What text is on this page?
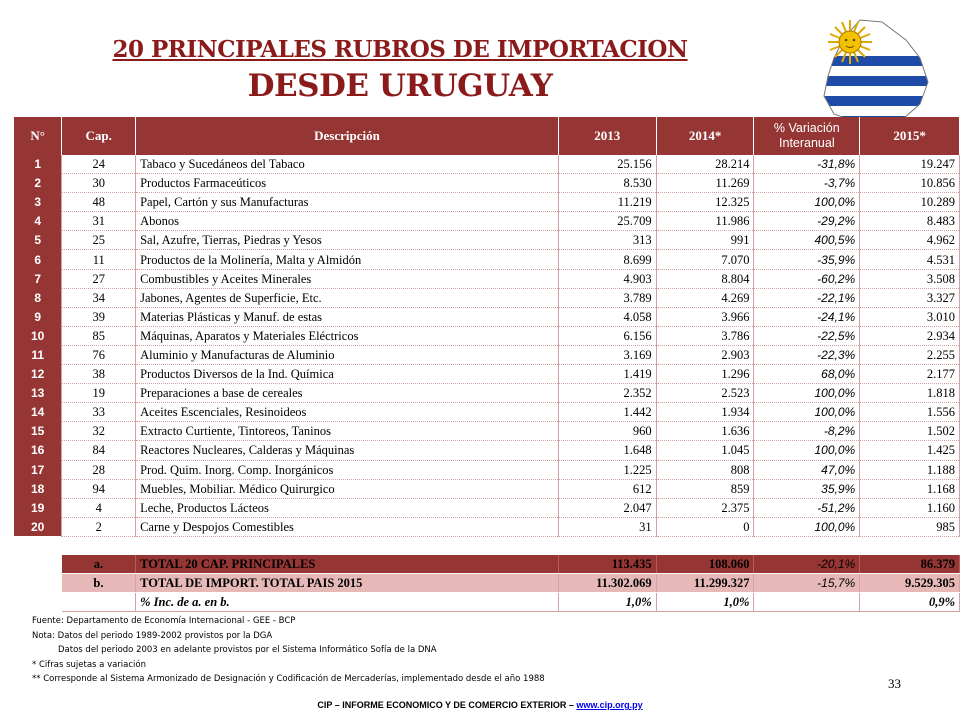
20 PRINCIPALES RUBROS DE IMPORTACION
DESDE URUGUAY
N°	Cap.	Descripción	2013	2014*	% Variación Interanual	2015*
1	24	Tabaco y Sucedáneos del Tabaco	25.156	28.214	-31,8%	19.247
2	30	Productos Farmaceúticos	8.530	11.269	-3,7%	10.856
3	48	Papel, Cartón y sus Manufacturas	11.219	12.325	100,0%	10.289
4	31	Abonos	25.709	11.986	-29,2%	8.483
5	25	Sal, Azufre, Tierras, Piedras y Yesos	313	991	400,5%	4.962
6	11	Productos de la Molinería, Malta y Almidón	8.699	7.070	-35,9%	4.531
7	27	Combustibles y Aceites Minerales	4.903	8.804	-60,2%	3.508
8	34	Jabones, Agentes de Superficie, Etc.	3.789	4.269	-22,1%	3.327
9	39	Materias Plásticas y Manuf. de estas	4.058	3.966	-24,1%	3.010
10	85	Máquinas, Aparatos y Materiales Eléctricos	6.156	3.786	-22,5%	2.934
11	76	Aluminio y Manufacturas de Aluminio	3.169	2.903	-22,3%	2.255
12	38	Productos Diversos de la Ind. Química	1.419	1.296	68,0%	2.177
13	19	Preparaciones a base de cereales	2.352	2.523	100,0%	1.818
14	33	Aceites Escenciales, Resinoideos	1.442	1.934	100,0%	1.556
15	32	Extracto Curtiente, Tintoreos, Taninos	960	1.636	-8,2%	1.502
16	84	Reactores Nucleares, Calderas y Máquinas	1.648	1.045	100,0%	1.425
17	28	Prod. Quim. Inorg. Comp. Inorgánicos	1.225	808	47,0%	1.188
18	94	Muebles, Mobiliar. Médico Quirurgico	612	859	35,9%	1.168
19	4	Leche, Productos Lácteos	2.047	2.375	-51,2%	1.160
20	2	Carne y Despojos Comestibles	31	0	100,0%	985

	a.	TOTAL 20 CAP. PRINCIPALES	113.435	108.060	-20,1%	86.379
	b.	TOTAL DE IMPORT. TOTAL PAIS 2015	11.302.069	11.299.327	-15,7%	9.529.305
		% Inc. de a. en b.	1,0%	1,0%		0,9%
Fuente: Departamento de Economía Internacional - GEE - BCP
Nota: Datos del periodo 1989-2002 provistos por la DGA
Datos del periodo 2003 en adelante provistos por el Sistema Informático Sofía de la DNA
* Cifras sujetas a variación
** Corresponde al Sistema Armonizado de Designación y Codificación de Mercaderías, implementado desde el año 1988	33
CIP – INFORME ECONOMICO Y DE COMERCIO EXTERIOR – www.cip.org.py
